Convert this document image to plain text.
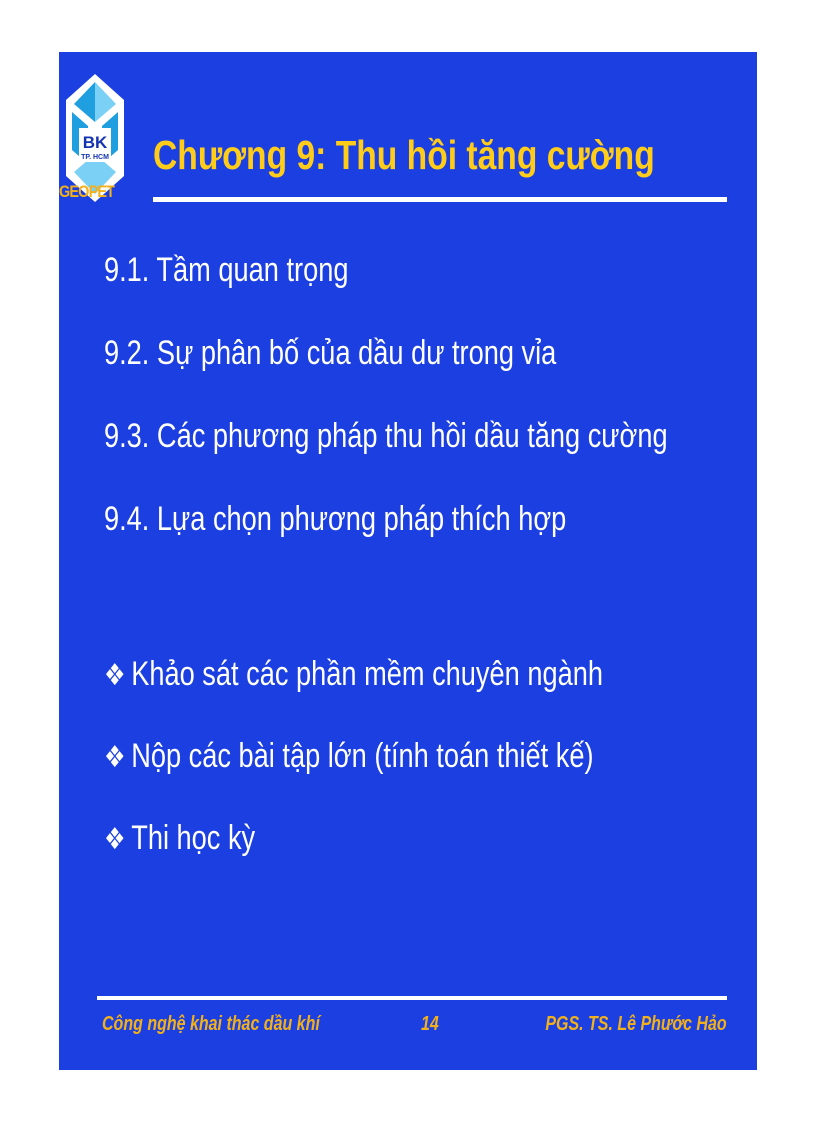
BK
TP. HCM
GEOPET
Chương 9: Thu hồi tăng cường
9.1. Tầm quan trọng
9.2. Sự phân bố của dầu dư trong vỉa
9.3. Các phương pháp thu hồi dầu tăng cường
9.4. Lựa chọn phương pháp thích hợp
❖ Khảo sát các phần mềm chuyên ngành
❖ Nộp các bài tập lớn (tính toán thiết kế)
❖ Thi học kỳ
Công nghệ khai thác dầu khí	14	PGS. TS. Lê Phước Hảo
